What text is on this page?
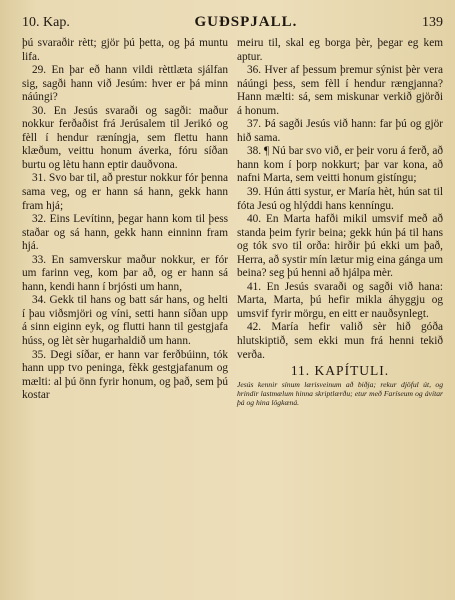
10. Kap.	GUÐSPJALL.	139

þú svaraðir rètt; gjör þú þetta, og þá muntu lifa.

29. En þar eð hann vildi rèttlæta sjálfan sig, sagði hann við Jesúm: hver er þá minn náúngi?

30. En Jesús svaraði og sagði: maður nokkur ferðaðist frá Jerúsalem til Jerikó og fèll í hendur ræníngja, sem flettu hann klæðum, veittu honum áverka, fóru síðan burtu og lètu hann eptir dauðvona.

31. Svo bar til, að prestur nokkur fór þenna sama veg, og er hann sá hann, gekk hann fram hjá;

32. Eins Levítinn, þegar hann kom til þess staðar og sá hann, gekk hann einninn fram hjá.

33. En samverskur maður nokkur, er fór um farinn veg, kom þar að, og er hann sá hann, kendi hann í brjósti um hann,

34. Gekk til hans og batt sár hans, og helti í þau viðsmjöri og víni, setti hann síðan upp á sinn eiginn eyk, og flutti hann til gestgjafa húss, og lèt sèr hugarhaldið um hann.

35. Degi síðar, er hann var ferðbúinn, tók hann upp tvo peninga, fèkk gestgjafanum og mælti: al þú önn fyrir honum, og það, sem þú kostar

meiru til, skal eg borga þèr, þegar eg kem aptur.

36. Hver af þessum þremur sýnist þèr vera náúngi þess, sem fèll í hendur rængjanna? Hann mælti: sá, sem miskunar verkið gjörði á honum.

37. Þá sagði Jesús við hann: far þú og gjör hið sama.

38. ¶ Nú bar svo við, er þeir voru á ferð, að hann kom í þorp nokkurt; þar var kona, að nafni Marta, sem veitti honum gistíngu;

39. Hún átti systur, er María hèt, hún sat til fóta Jesú og hlýddi hans kenníngu.

40. En Marta hafði mikil umsvif með að standa þeim fyrir beina; gekk hún þá til hans og tók svo til orða: hirðir þú ekki um það, Herra, að systir mín lætur mig eina gánga um beina? seg þú henni að hjálpa mèr.

41. En Jesús svaraði og sagði við hana: Marta, Marta, þú hefir mikla áhyggju og umsvif fyrir mörgu, en eitt er nauðsynlegt.

42. María hefir valið sèr hið góða hlutskiptið, sem ekki mun frá henni tekið verða.

11. KAPÍTULI.

Jesús kennir sínum lærisveinum að biðja; rekur djöful út, og hrindir lastmælum hinna skriptlærðu; etur með Faríseum og ávítar þá og hina lögkæná.
